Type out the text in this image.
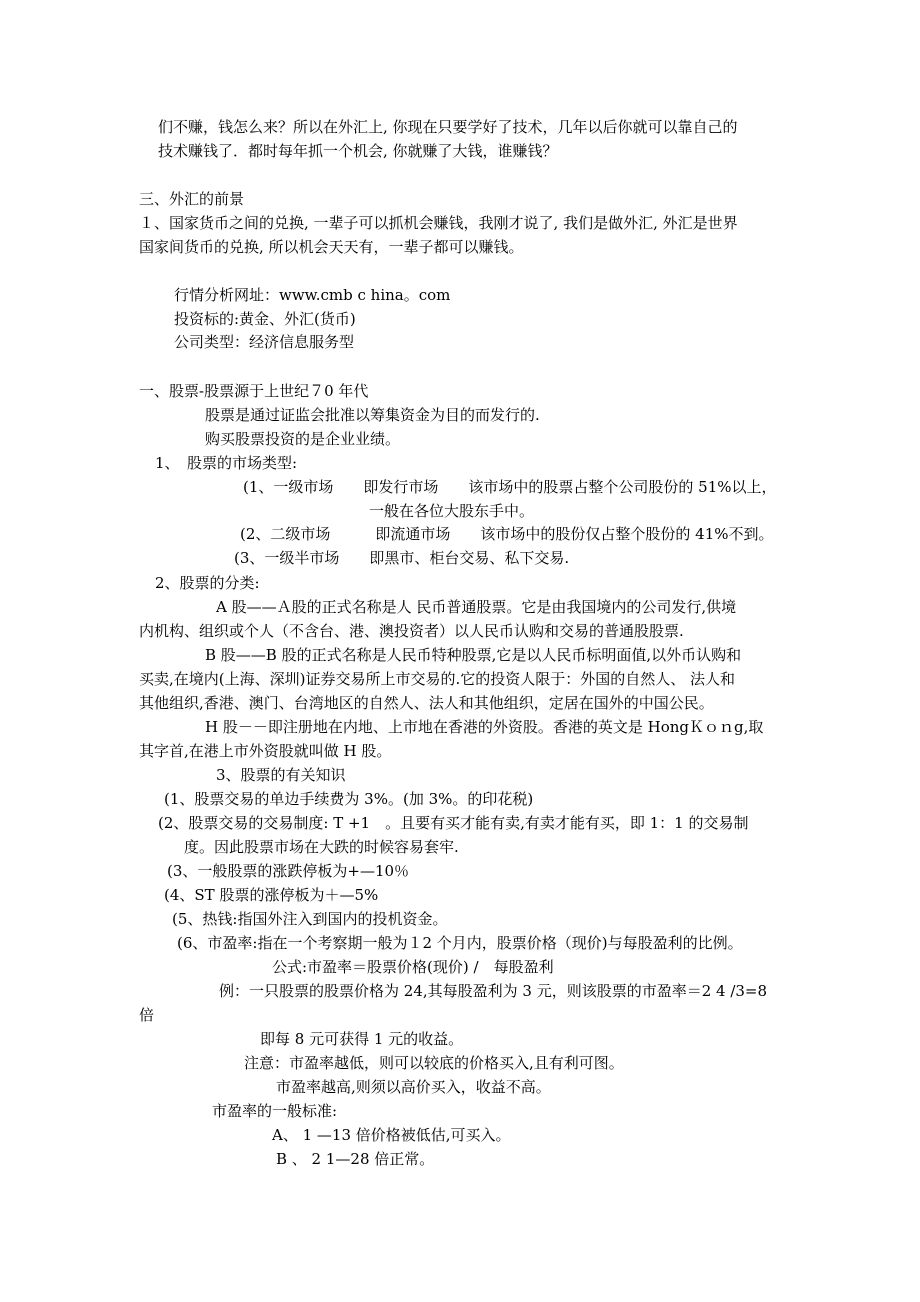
们不赚，钱怎么来？所以在外汇上, 你现在只要学好了技术，几年以后你就可以靠自己的
技术赚钱了．都时每年抓一个机会, 你就赚了大钱，谁赚钱？
三、外汇的前景
１、国家货币之间的兑换, 一辈子可以抓机会赚钱，我刚才说了, 我们是做外汇, 外汇是世界
国家间货币的兑换, 所以机会天天有，一辈子都可以赚钱。
行情分析网址：www.cmb c hina。com
投资标的:黄金、外汇(货币)
公司类型：经济信息服务型
一、股票-股票源于上世纪７0 年代
股票是通过证监会批准以筹集资金为目的而发行的.
购买股票投资的是企业业绩。
1、　股票的市场类型:
(1、一级市场　　即发行市场　　该市场中的股票占整个公司股份的 51%以上，
一般在各位大股东手中。
(2、二级市场　　　即流通市场　　该市场中的股份仅占整个股份的 41%不到。
(3、一级半市场　　即黑市、柜台交易、私下交易.
2、股票的分类:
A 股——Ａ股的正式名称是人 民币普通股票。它是由我国境内的公司发行,供境
内机构、组织或个人（不含台、港、澳投资者）以人民币认购和交易的普通股股票.
B 股——B 股的正式名称是人民币特种股票,它是以人民币标明面值,以外币认购和
买卖,在境内(上海、深圳)证券交易所上市交易的.它的投资人限于：外国的自然人、 法人和
其他组织,香港、澳门、台湾地区的自然人、法人和其他组织，定居在国外的中国公民。
H 股－－即注册地在内地、上市地在香港的外资股。香港的英文是 HongＫｏｎg,取
其字首,在港上市外资股就叫做 H 股。
3、股票的有关知识
(1、股票交易的单边手续费为 3%。(加 3%。的印花税)
(2、股票交易的交易制度: T +1　。且要有买才能有卖,有卖才能有买，即 1：1 的交易制
度。因此股票市场在大跌的时候容易套牢.
(3、一般股票的涨跌停板为+—10％
(4、ST 股票的涨停板为＋—5%
(5、热钱:指国外注入到国内的投机资金。
(6、市盈率:指在一个考察期一般为１2 个月内，股票价格（现价)与每股盈利的比例。
公式:市盈率＝股票价格(现价) /　每股盈利
例：一只股票的股票价格为 24,其每股盈利为 3 元，则该股票的市盈率＝2 4 /3=8
倍
即每 8 元可获得 1 元的收益。
注意：市盈率越低，则可以较底的价格买入,且有利可图。
市盈率越高,则须以高价买入，收益不高。
市盈率的一般标准:
A、 1 —13 倍价格被低估,可买入。
B 、 2 1—28 倍正常。
